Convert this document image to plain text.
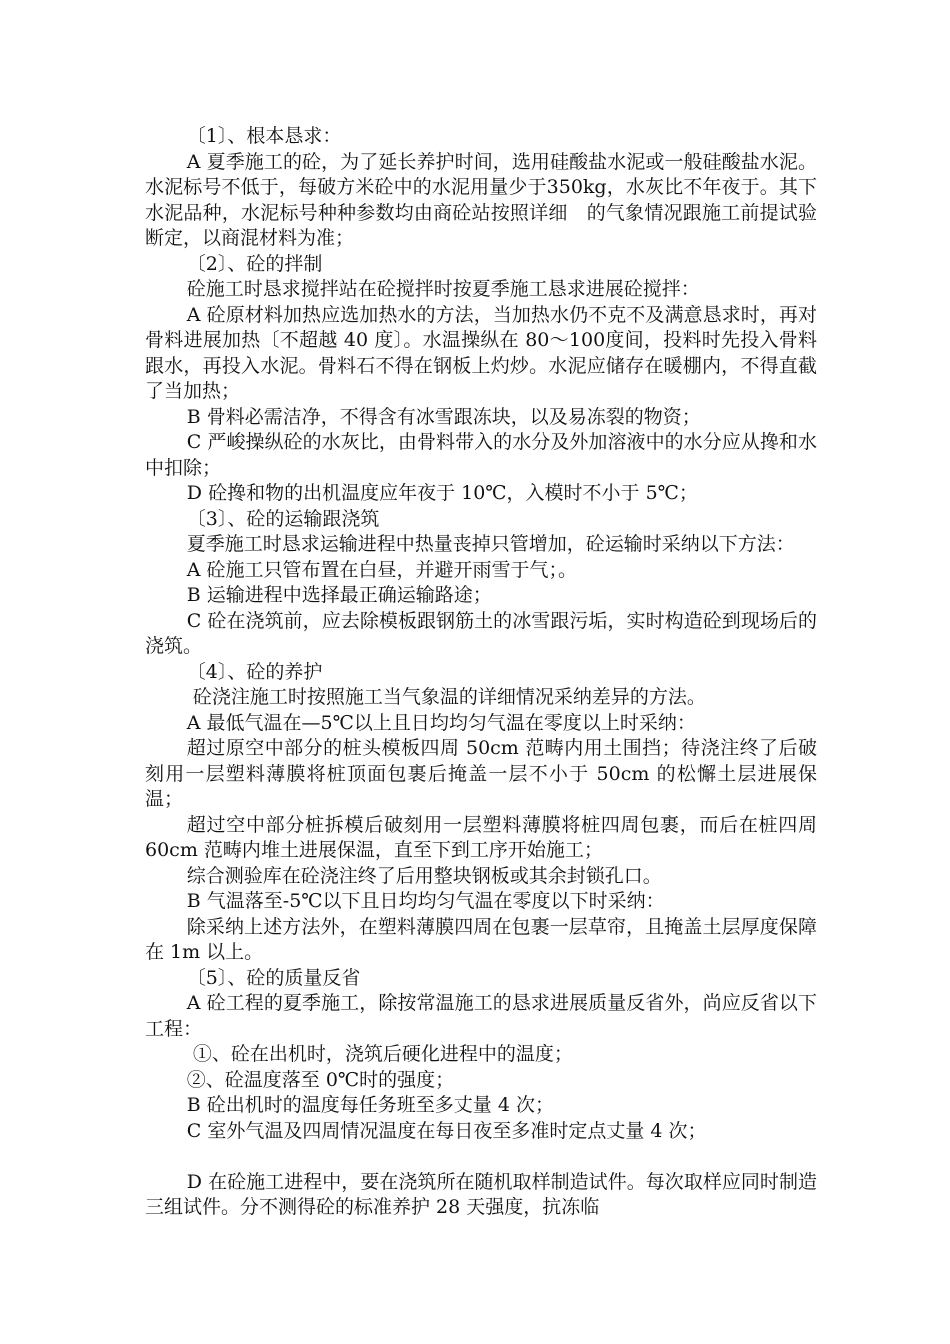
〔1〕、根本恳求：

A 夏季施工的砼，为了延长养护时间，选用硅酸盐水泥或一般硅酸盐水泥。水泥标号不低于，每破方米砼中的水泥用量少于350kg，水灰比不年夜于。其下水泥品种，水泥标号种种参数均由商砼站按照详细　的气象情况跟施工前提试验断定，以商混材料为准；

〔2〕、砼的拌制

砼施工时恳求搅拌站在砼搅拌时按夏季施工恳求进展砼搅拌：

A 砼原材料加热应选加热水的方法，当加热水仍不克不及满意恳求时，再对骨料进展加热〔不超越 40 度〕。水温操纵在 80～100度间，投料时先投入骨料跟水，再投入水泥。骨料石不得在钢板上灼炒。水泥应储存在暖棚内，不得直截了当加热；

B 骨料必需洁净，不得含有冰雪跟冻块，以及易冻裂的物资；

C 严峻操纵砼的水灰比，由骨料带入的水分及外加溶液中的水分应从搀和水中扣除；

D 砼搀和物的出机温度应年夜于 10℃，入模时不小于 5℃；

〔3〕、砼的运输跟浇筑

夏季施工时恳求运输进程中热量丧掉只管增加，砼运输时采纳以下方法：

A 砼施工只管布置在白昼，并避开雨雪于气；。

B 运输进程中选择最正确运输路途；

C 砼在浇筑前，应去除模板跟钢筋土的冰雪跟污垢，实时构造砼到现场后的浇筑。

〔4〕、砼的养护

砼浇注施工时按照施工当气象温的详细情况采纳差异的方法。

A 最低气温在—5℃以上且日均均匀气温在零度以上时采纳：

超过原空中部分的桩头模板四周 50cm 范畴内用土围挡；待浇注终了后破刻用一层塑料薄膜将桩顶面包裹后掩盖一层不小于 50cm 的松懈土层进展保温；

超过空中部分桩拆模后破刻用一层塑料薄膜将桩四周包裹，而后在桩四周 60cm 范畴内堆土进展保温，直至下到工序开始施工；

综合测验库在砼浇注终了后用整块钢板或其余封锁孔口。

B 气温落至-5℃以下且日均均匀气温在零度以下时采纳：

除采纳上述方法外，在塑料薄膜四周在包裹一层草帘，且掩盖土层厚度保障在 1m 以上。

〔5〕、砼的质量反省

A 砼工程的夏季施工，除按常温施工的恳求进展质量反省外，尚应反省以下工程：

①、砼在出机时，浇筑后硬化进程中的温度；

②、砼温度落至 0℃时的强度；

B 砼出机时的温度每任务班至多丈量 4 次；

C 室外气温及四周情况温度在每日夜至多准时定点丈量 4 次；

D 在砼施工进程中，要在浇筑所在随机取样制造试件。每次取样应同时制造三组试件。分不测得砼的标准养护 28 天强度，抗冻临
